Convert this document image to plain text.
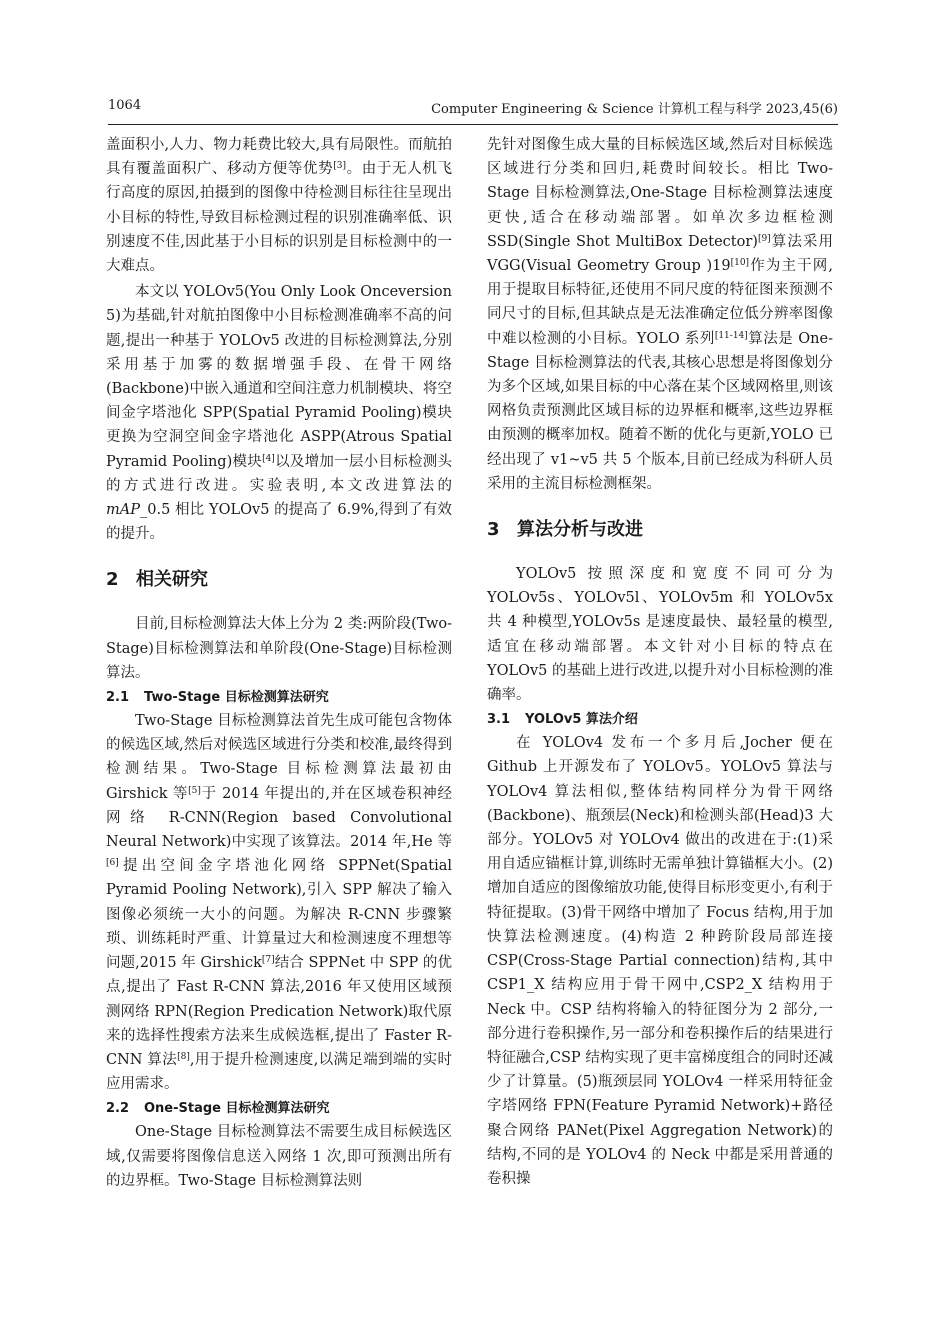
1064	Computer Engineering & Science 计算机工程与科学 2023,45(6)

盖面积小,人力、物力耗费比较大,具有局限性。而航拍具有覆盖面积广、移动方便等优势[3]。由于无人机飞行高度的原因,拍摄到的图像中待检测目标往往呈现出小目标的特性,导致目标检测过程的识别准确率低、识别速度不佳,因此基于小目标的识别是目标检测中的一大难点。

本文以 YOLOv5(You Only Look Onceversion 5)为基础,针对航拍图像中小目标检测准确率不高的问题,提出一种基于 YOLOv5 改进的目标检测算法,分别采用基于加雾的数据增强手段、在骨干网络(Backbone)中嵌入通道和空间注意力机制模块、将空间金字塔池化 SPP(Spatial Pyramid Pooling)模块更换为空洞空间金字塔池化 ASPP(Atrous Spatial Pyramid Pooling)模块[4]以及增加一层小目标检测头的方式进行改进。实验表明,本文改进算法的 mAP_0.5 相比 YOLOv5 的提高了 6.9%,得到了有效的提升。

2 相关研究

目前,目标检测算法大体上分为 2 类:两阶段(Two-Stage)目标检测算法和单阶段(One-Stage)目标检测算法。

2.1 Two-Stage 目标检测算法研究

Two-Stage 目标检测算法首先生成可能包含物体的候选区域,然后对候选区域进行分类和校准,最终得到检测结果。Two-Stage 目标检测算法最初由 Girshick 等[5]于 2014 年提出的,并在区域卷积神经网络 R-CNN(Region based Convolutional Neural Network)中实现了该算法。2014 年,He 等[6]提出空间金字塔池化网络 SPPNet(Spatial Pyramid Pooling Network),引入 SPP 解决了输入图像必须统一大小的问题。为解决 R-CNN 步骤繁琐、训练耗时严重、计算量过大和检测速度不理想等问题,2015 年 Girshick[7]结合 SPPNet 中 SPP 的优点,提出了 Fast R-CNN 算法,2016 年又使用区域预测网络 RPN(Region Predication Network)取代原来的选择性搜索方法来生成候选框,提出了 Faster R-CNN 算法[8],用于提升检测速度,以满足端到端的实时应用需求。

2.2 One-Stage 目标检测算法研究

One-Stage 目标检测算法不需要生成目标候选区域,仅需要将图像信息送入网络 1 次,即可预测出所有的边界框。Two-Stage 目标检测算法则

先针对图像生成大量的目标候选区域,然后对目标候选区域进行分类和回归,耗费时间较长。相比 Two-Stage 目标检测算法,One-Stage 目标检测算法速度更快,适合在移动端部署。如单次多边框检测 SSD(Single Shot MultiBox Detector)[9]算法采用 VGG(Visual Geometry Group )19[10]作为主干网,用于提取目标特征,还使用不同尺度的特征图来预测不同尺寸的目标,但其缺点是无法准确定位低分辨率图像中难以检测的小目标。YOLO 系列[11-14]算法是 One-Stage 目标检测算法的代表,其核心思想是将图像划分为多个区域,如果目标的中心落在某个区域网格里,则该网格负责预测此区域目标的边界框和概率,这些边界框由预测的概率加权。随着不断的优化与更新,YOLO 已经出现了 v1~v5 共 5 个版本,目前已经成为科研人员采用的主流目标检测框架。

3 算法分析与改进

YOLOv5 按照深度和宽度不同可分为 YOLOv5s、YOLOv5l、YOLOv5m 和 YOLOv5x 共 4 种模型,YOLOv5s 是速度最快、最轻量的模型,适宜在移动端部署。本文针对小目标的特点在 YOLOv5 的基础上进行改进,以提升对小目标检测的准确率。

3.1 YOLOv5 算法介绍

在 YOLOv4 发布一个多月后,Jocher 便在 Github 上开源发布了 YOLOv5。YOLOv5 算法与 YOLOv4 算法相似,整体结构同样分为骨干网络(Backbone)、瓶颈层(Neck)和检测头部(Head)3 大部分。YOLOv5 对 YOLOv4 做出的改进在于:(1)采用自适应锚框计算,训练时无需单独计算锚框大小。(2)增加自适应的图像缩放功能,使得目标形变更小,有利于特征提取。(3)骨干网络中增加了 Focus 结构,用于加快算法检测速度。(4)构造 2 种跨阶段局部连接 CSP(Cross-Stage Partial connection)结构,其中 CSP1_X 结构应用于骨干网中,CSP2_X 结构用于 Neck 中。CSP 结构将输入的特征图分为 2 部分,一部分进行卷积操作,另一部分和卷积操作后的结果进行特征融合,CSP 结构实现了更丰富梯度组合的同时还减少了计算量。(5)瓶颈层同 YOLOv4 一样采用特征金字塔网络 FPN(Feature Pyramid Network)+路径聚合网络 PANet(Pixel Aggregation Network)的结构,不同的是 YOLOv4 的 Neck 中都是采用普通的卷积操
